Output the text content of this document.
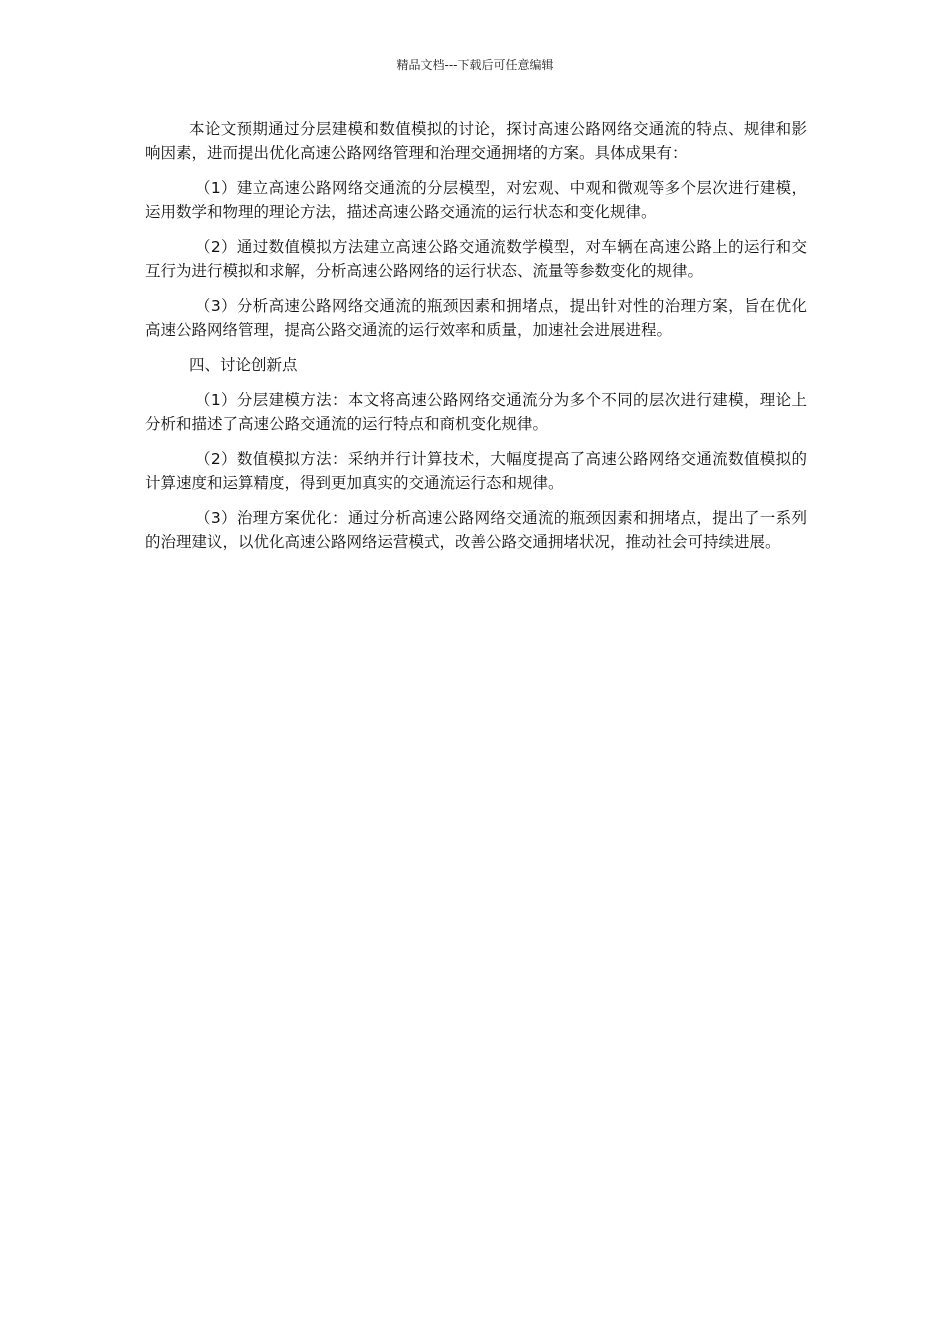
精品文档---下载后可任意编辑

本论文预期通过分层建模和数值模拟的讨论，探讨高速公路网络交通流的特点、规律和影响因素，进而提出优化高速公路网络管理和治理交通拥堵的方案。具体成果有：

（1）建立高速公路网络交通流的分层模型，对宏观、中观和微观等多个层次进行建模，运用数学和物理的理论方法，描述高速公路交通流的运行状态和变化规律。

（2）通过数值模拟方法建立高速公路交通流数学模型，对车辆在高速公路上的运行和交互行为进行模拟和求解，分析高速公路网络的运行状态、流量等参数变化的规律。

（3）分析高速公路网络交通流的瓶颈因素和拥堵点，提出针对性的治理方案，旨在优化高速公路网络管理，提高公路交通流的运行效率和质量，加速社会进展进程。

四、讨论创新点

（1）分层建模方法：本文将高速公路网络交通流分为多个不同的层次进行建模，理论上分析和描述了高速公路交通流的运行特点和商机变化规律。

（2）数值模拟方法：采纳并行计算技术，大幅度提高了高速公路网络交通流数值模拟的计算速度和运算精度，得到更加真实的交通流运行态和规律。

（3）治理方案优化：通过分析高速公路网络交通流的瓶颈因素和拥堵点，提出了一系列的治理建议，以优化高速公路网络运营模式，改善公路交通拥堵状况，推动社会可持续进展。
